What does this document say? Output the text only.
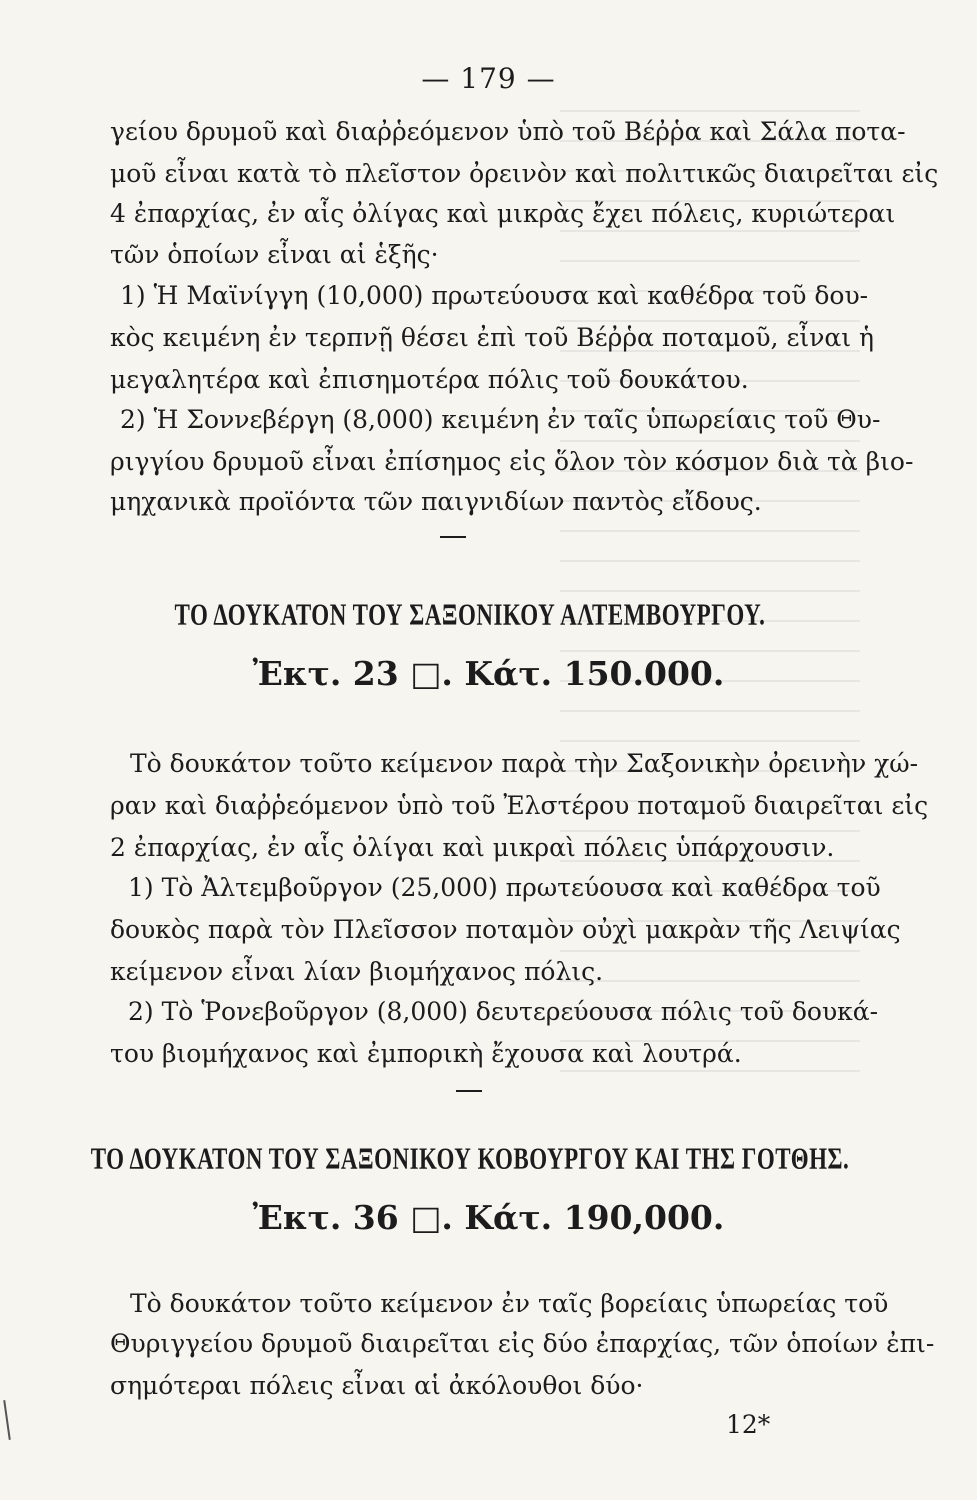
— 179 —
γείου δρυμοῦ καὶ διαῤῥεόμενον ὑπὸ τοῦ Βέῤῥα καὶ Σάλα ποτα-
μοῦ εἶναι κατὰ τὸ πλεῖστον ὀρεινὸν καὶ πολιτικῶς διαιρεῖται εἰς
4 ἐπαρχίας, ἐν αἷς ὀλίγας καὶ μικρὰς ἔχει πόλεις, κυριώτεραι
τῶν ὁποίων εἶναι αἱ ἑξῆς·
1) Ἡ Μαϊνίγγη (10,000) πρωτεύουσα καὶ καθέδρα τοῦ δου-
κὸς κειμένη ἐν τερπνῇ θέσει ἐπὶ τοῦ Βέῤῥα ποταμοῦ, εἶναι ἡ
μεγαλητέρα καὶ ἐπισημοτέρα πόλις τοῦ δουκάτου.
2) Ἡ Σοννεβέργη (8,000) κειμένη ἐν ταῖς ὑπωρείαις τοῦ Θυ-
ριγγίου δρυμοῦ εἶναι ἐπίσημος εἰς ὅλον τὸν κόσμον διὰ τὰ βιο-
μηχανικὰ προϊόντα τῶν παιγνιδίων παντὸς εἴδους.
ΤΟ ΔΟΥΚΑΤΟΝ ΤΟΥ ΣΑΞΟΝΙΚΟΥ ΑΛΤΕΜΒΟΥΡΓΟΥ.
Ἐκτ. 23 □. Κάτ. 150.000.
Τὸ δουκάτον τοῦτο κείμενον παρὰ τὴν Σαξονικὴν ὀρεινὴν χώ-
ραν καὶ διαῤῥεόμενον ὑπὸ τοῦ Ἐλστέρου ποταμοῦ διαιρεῖται εἰς
2 ἐπαρχίας, ἐν αἷς ὀλίγαι καὶ μικραὶ πόλεις ὑπάρχουσιν.
1) Τὸ Ἀλτεμβοῦργον (25,000) πρωτεύουσα καὶ καθέδρα τοῦ
δουκὸς παρὰ τὸν Πλεῖσσον ποταμὸν οὐχὶ μακρὰν τῆς Λειψίας
κείμενον εἶναι λίαν βιομήχανος πόλις.
2) Τὸ Ῥονεβοῦργον (8,000) δευτερεύουσα πόλις τοῦ δουκά-
του βιομήχανος καὶ ἐμπορικὴ ἔχουσα καὶ λουτρά.
ΤΟ ΔΟΥΚΑΤΟΝ ΤΟΥ ΣΑΞΟΝΙΚΟΥ ΚΟΒΟΥΡΓΟΥ ΚΑΙ ΤΗΣ ΓΟΤΘΗΣ.
Ἐκτ. 36 □. Κάτ. 190,000.
Τὸ δουκάτον τοῦτο κείμενον ἐν ταῖς βορείαις ὑπωρείας τοῦ
Θυριγγείου δρυμοῦ διαιρεῖται εἰς δύο ἐπαρχίας, τῶν ὁποίων ἐπι-
σημότεραι πόλεις εἶναι αἱ ἀκόλουθοι δύο·
12*
